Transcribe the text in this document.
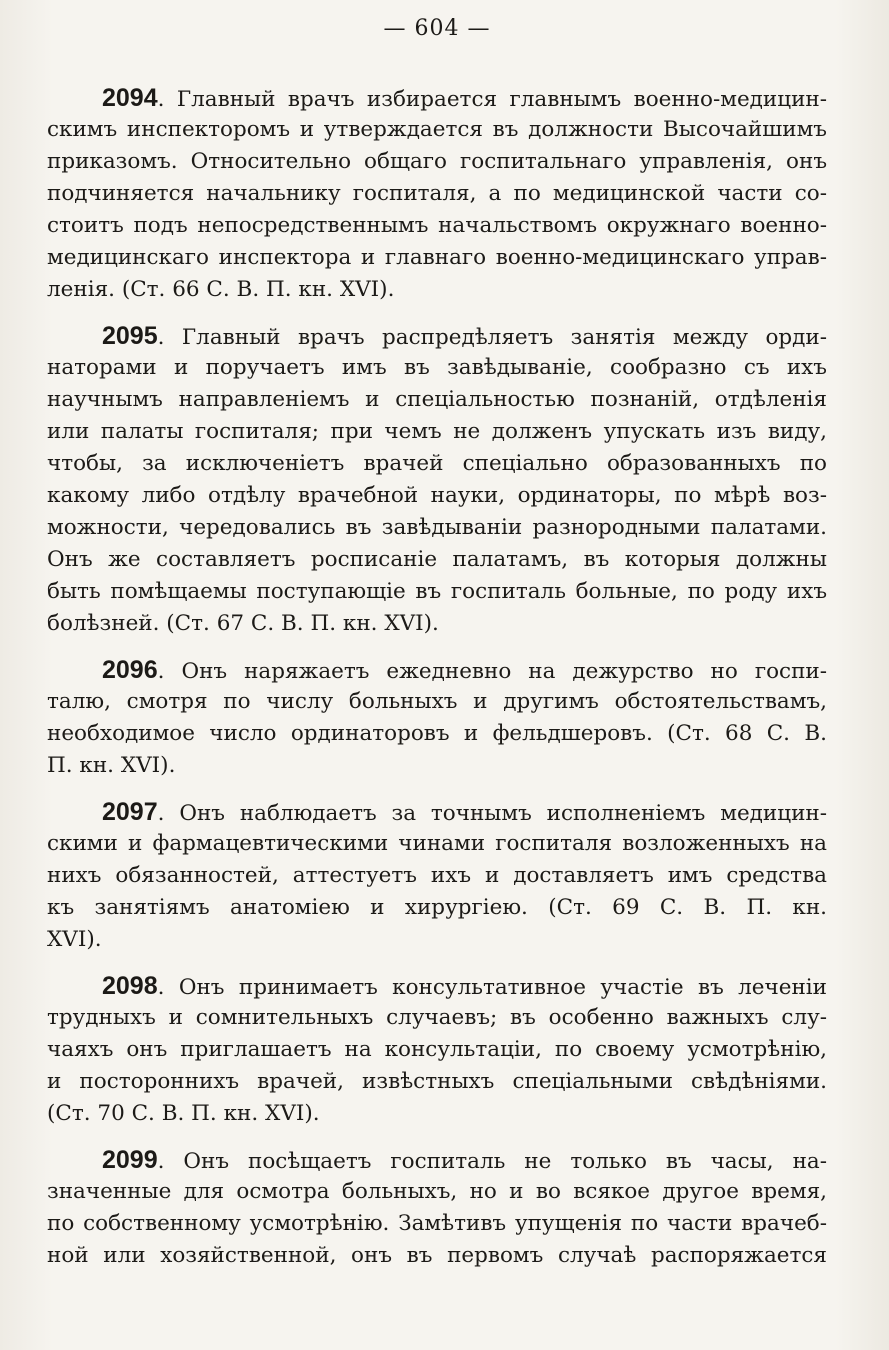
— 604 —
2094. Главный врачъ избирается главнымъ военно-медицин-
скимъ инспекторомъ и утверждается въ должности Высочайшимъ
приказомъ. Относительно общаго госпитальнаго управленія, онъ
подчиняется начальнику госпиталя, а по медицинской части со-
стоитъ подъ непосредственнымъ начальствомъ окружнаго военно-
медицинскаго инспектора и главнаго военно-медицинскаго управ-
ленія. (Ст. 66 С. В. П. кн. XVI).
2095. Главный врачъ распредѣляетъ занятія между орди-
наторами и поручаетъ имъ въ завѣдываніе, сообразно съ ихъ
научнымъ направленіемъ и спеціальностью познаній, отдѣленія
или палаты госпиталя; при чемъ не долженъ упускать изъ виду,
чтобы, за исключеніетъ врачей спеціально образованныхъ по
какому либо отдѣлу врачебной науки, ординаторы, по мѣрѣ воз-
можности, чередовались въ завѣдываніи разнородными палатами.
Онъ же составляетъ росписаніе палатамъ, въ которыя должны
быть помѣщаемы поступающіе въ госпиталь больные, по роду ихъ
болѣзней. (Ст. 67 С. В. П. кн. XVI).
2096. Онъ наряжаетъ ежедневно на дежурство но госпи-
талю, смотря по числу больныхъ и другимъ обстоятельствамъ,
необходимое число ординаторовъ и фельдшеровъ. (Ст. 68 С. В.
П. кн. XVI).
2097. Онъ наблюдаетъ за точнымъ исполненіемъ медицин-
скими и фармацевтическими чинами госпиталя возложенныхъ на
нихъ обязанностей, аттестуетъ ихъ и доставляетъ имъ средства
къ занятіямъ анатоміею и хирургіею. (Ст. 69 С. В. П. кн.
XVI).
2098. Онъ принимаетъ консультативное участіе въ леченіи
трудныхъ и сомнительныхъ случаевъ; въ особенно важныхъ слу-
чаяхъ онъ приглашаетъ на консультаціи, по своему усмотрѣнію,
и постороннихъ врачей, извѣстныхъ спеціальными свѣдѣніями.
(Ст. 70 С. В. П. кн. XVI).
2099. Онъ посѣщаетъ госпиталь не только въ часы, на-
значенные для осмотра больныхъ, но и во всякое другое время,
по собственному усмотрѣнію. Замѣтивъ упущенія по части врачеб-
ной или хозяйственной, онъ въ первомъ случаѣ распоряжается
